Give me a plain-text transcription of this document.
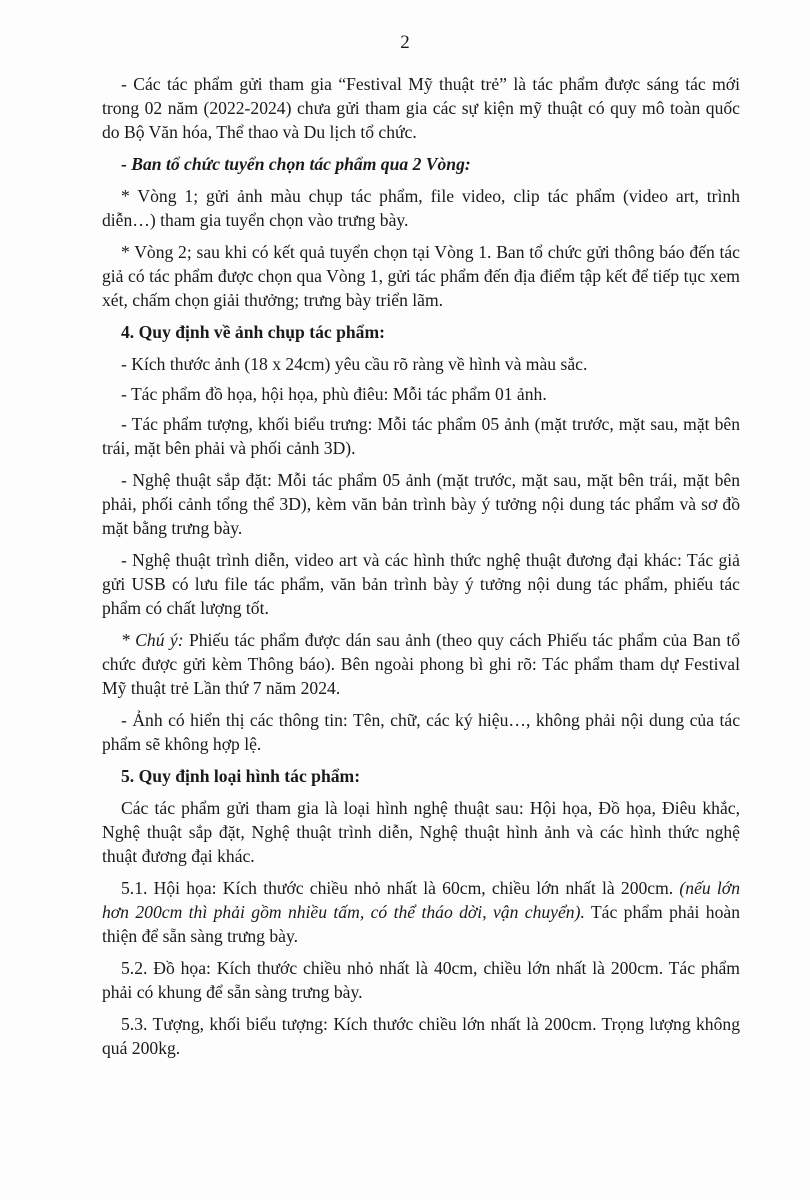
2

- Các tác phẩm gửi tham gia “Festival Mỹ thuật trẻ” là tác phẩm được sáng tác mới trong 02 năm (2022-2024) chưa gửi tham gia các sự kiện mỹ thuật có quy mô toàn quốc do Bộ Văn hóa, Thể thao và Du lịch tổ chức.

- Ban tổ chức tuyển chọn tác phẩm qua 2 Vòng:

* Vòng 1; gửi ảnh màu chụp tác phẩm, file video, clip tác phẩm (video art, trình diễn…) tham gia tuyển chọn vào trưng bày.

* Vòng 2; sau khi có kết quả tuyển chọn tại Vòng 1. Ban tổ chức gửi thông báo đến tác giả có tác phẩm được chọn qua Vòng 1, gửi tác phẩm đến địa điểm tập kết để tiếp tục xem xét, chấm chọn giải thưởng; trưng bày triển lãm.

4. Quy định về ảnh chụp tác phẩm:

- Kích thước ảnh (18 x 24cm) yêu cầu rõ ràng về hình và màu sắc.

- Tác phẩm đồ họa, hội họa, phù điêu: Mỗi tác phẩm 01 ảnh.

- Tác phẩm tượng, khối biểu trưng: Mỗi tác phẩm 05 ảnh (mặt trước, mặt sau, mặt bên trái, mặt bên phải và phối cảnh 3D).

- Nghệ thuật sắp đặt: Mỗi tác phẩm 05 ảnh (mặt trước, mặt sau, mặt bên trái, mặt bên phải, phối cảnh tổng thể 3D), kèm văn bản trình bày ý tưởng nội dung tác phẩm và sơ đồ mặt bằng trưng bày.

- Nghệ thuật trình diễn, video art và các hình thức nghệ thuật đương đại khác: Tác giả gửi USB có lưu file tác phẩm, văn bản trình bày ý tưởng nội dung tác phẩm, phiếu tác phẩm có chất lượng tốt.

* Chú ý: Phiếu tác phẩm được dán sau ảnh (theo quy cách Phiếu tác phẩm của Ban tổ chức được gửi kèm Thông báo). Bên ngoài phong bì ghi rõ: Tác phẩm tham dự Festival Mỹ thuật trẻ Lần thứ 7 năm 2024.

- Ảnh có hiển thị các thông tin: Tên, chữ, các ký hiệu…, không phải nội dung của tác phẩm sẽ không hợp lệ.

5. Quy định loại hình tác phẩm:

Các tác phẩm gửi tham gia là loại hình nghệ thuật sau: Hội họa, Đồ họa, Điêu khắc, Nghệ thuật sắp đặt, Nghệ thuật trình diễn, Nghệ thuật hình ảnh và các hình thức nghệ thuật đương đại khác.

5.1. Hội họa: Kích thước chiều nhỏ nhất là 60cm, chiều lớn nhất là 200cm. (nếu lớn hơn 200cm thì phải gồm nhiều tấm, có thể tháo dời, vận chuyển). Tác phẩm phải hoàn thiện để sẵn sàng trưng bày.

5.2. Đồ họa: Kích thước chiều nhỏ nhất là 40cm, chiều lớn nhất là 200cm. Tác phẩm phải có khung để sẵn sàng trưng bày.

5.3. Tượng, khối biểu tượng: Kích thước chiều lớn nhất là 200cm. Trọng lượng không quá 200kg.
